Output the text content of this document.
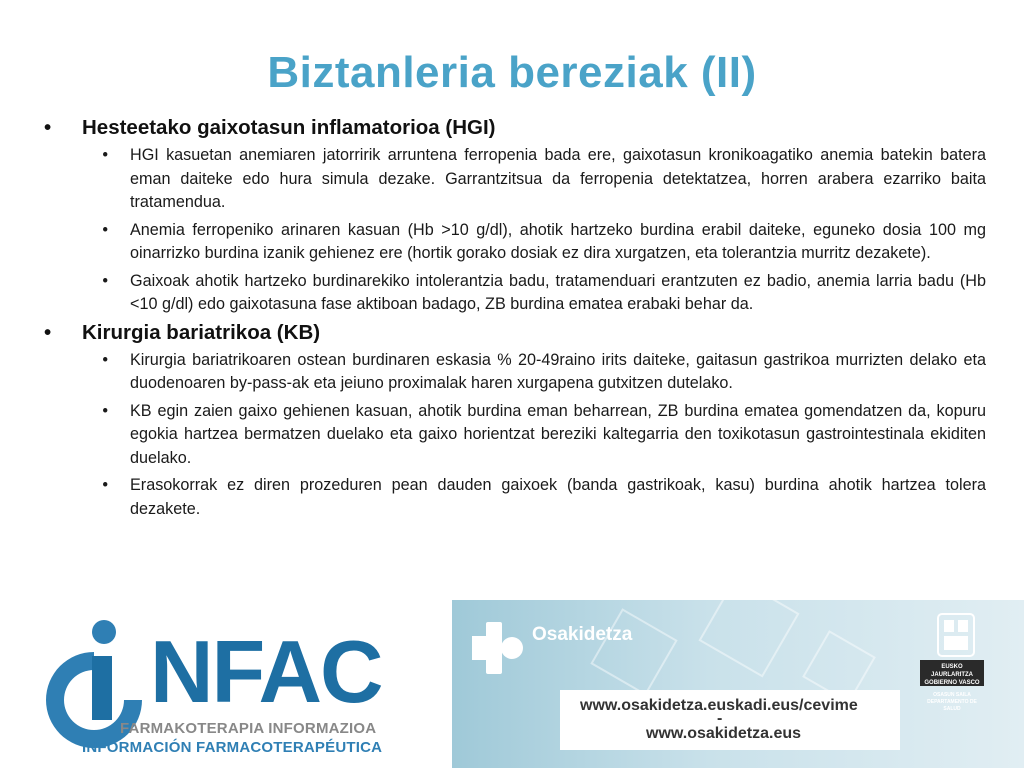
Biztanleria bereziak (II)
•	Hesteetako gaixotasun inflamatorioa (HGI)
•	HGI kasuetan anemiaren jatorririk arruntena ferropenia bada ere, gaixotasun kronikoagatiko anemia batekin batera eman daiteke edo hura simula dezake. Garrantzitsua da ferropenia detektatzea, horren arabera ezarriko baita tratamendua.
•	Anemia ferropeniko arinaren kasuan (Hb >10 g/dl), ahotik hartzeko burdina erabil daiteke, eguneko dosia 100 mg oinarrizko burdina izanik gehienez ere (hortik gorako dosiak ez dira xurgatzen, eta tolerantzia murritz dezakete).
•	Gaixoak ahotik hartzeko burdinarekiko intolerantzia badu, tratamenduari erantzuten ez badio, anemia larria badu (Hb <10 g/dl) edo gaixotasuna fase aktiboan badago, ZB burdina ematea erabaki behar da.
•	Kirurgia bariatrikoa (KB)
•	Kirurgia bariatrikoaren ostean burdinaren eskasia % 20-49raino irits daiteke, gaitasun gastrikoa murrizten delako eta duodenoaren by-pass-ak eta jeiuno proximalak haren xurgapena gutxitzen dutelako.
•	KB egin zaien gaixo gehienen kasuan, ahotik burdina eman beharrean, ZB burdina ematea gomendatzen da, kopuru egokia hartzea bermatzen duelako eta gaixo horientzat bereziki kaltegarria den toxikotasun gastrointestinala ekiditen duelako.
•	Erasokorrak ez diren prozeduren pean dauden gaixoek (banda gastrikoak, kasu) burdina ahotik hartzea tolera dezakete.
Osakidetza
www.osakidetza.euskadi.eus/cevime
-
www.osakidetza.eus
EUSKO JAURLARITZA GOBIERNO VASCO
OSASUN SAILA DEPARTAMENTO DE SALUD
NFAC
FARMAKOTERAPIA INFORMAZIOA
INFORMACIÓN FARMACOTERAPÉUTICA
